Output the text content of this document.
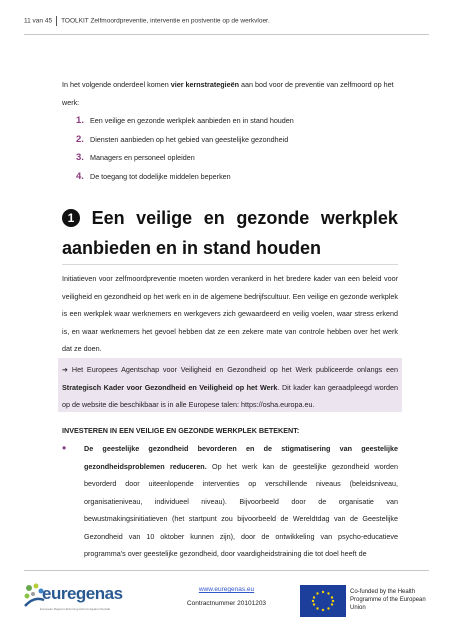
11 van 45 TOOLKIT Zelfmoordpreventie, interventie en postventie op de werkvloer.
In het volgende onderdeel komen vier kernstrategieën aan bod voor de preventie van zelfmoord op het werk:
1. Een veilige en gezonde werkplek aanbieden en in stand houden
2. Diensten aanbieden op het gebied van geestelijke gezondheid
3. Managers en personeel opleiden
4. De toegang tot dodelijke middelen beperken
1 Een veilige en gezonde werkplek
aanbieden en in stand houden
Initiatieven voor zelfmoordpreventie moeten worden verankerd in het bredere kader van een beleid voor veiligheid en gezondheid op het werk en in de algemene bedrijfscultuur. Een veilige en gezonde werkplek is een werkplek waar werknemers en werkgevers zich gewaardeerd en veilig voelen, waar stress erkend is, en waar werknemers het gevoel hebben dat ze een zekere mate van controle hebben over het werk dat ze doen.
➔ Het Europees Agentschap voor Veiligheid en Gezondheid op het Werk publiceerde onlangs een Strategisch Kader voor Gezondheid en Veiligheid op het Werk. Dit kader kan geraadpleegd worden op de website die beschikbaar is in alle Europese talen: https://osha.europa.eu.
INVESTEREN IN EEN VEILIGE EN GEZONDE WERKPLEK BETEKENT:
• De geestelijke gezondheid bevorderen en de stigmatisering van geestelijke gezondheidsproblemen reduceren. Op het werk kan de geestelijke gezondheid worden bevorderd door uiteenlopende interventies op verschillende niveaus (beleidsniveau, organisatieniveau, individueel niveau). Bijvoorbeeld door de organisatie van bewustmakingsinitiatieven (het startpunt zou bijvoorbeeld de Wereldtdag van de Geestelijke Gezondheid van 10 oktober kunnen zijn), door de ontwikkeling van psycho-educatieve programma's over geestelijke gezondheid, door vaardigheidstraining die tot doel heeft de
euregenas
European Regions Enforcing Actions Against Suicide
www.euregenas.eu
Contractnummer 20101203
Co-funded by the Health Programme of the European Union
